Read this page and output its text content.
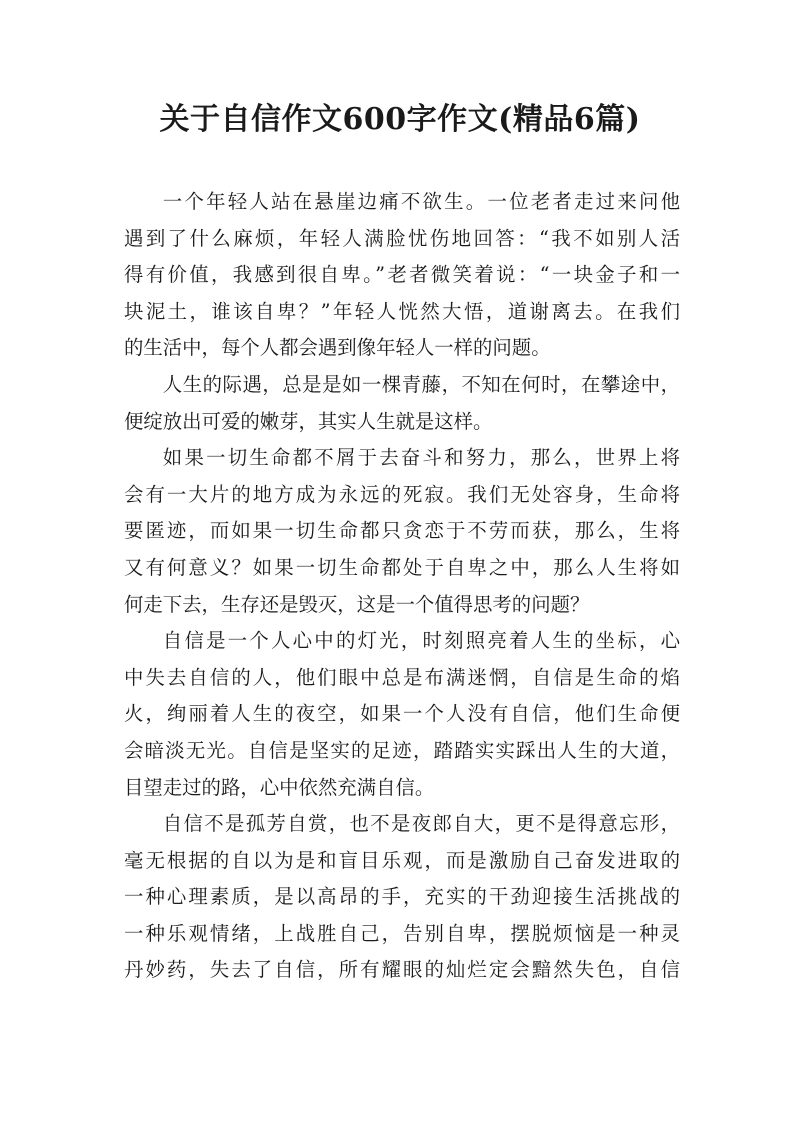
关于自信作文600字作文(精品6篇)
一个年轻人站在悬崖边痛不欲生。一位老者走过来问他
遇到了什么麻烦，年轻人满脸忧伤地回答：“我不如别人活
得有价值，我感到很自卑。”老者微笑着说：“一块金子和一
块泥土，谁该自卑？”年轻人恍然大悟，道谢离去。在我们
的生活中，每个人都会遇到像年轻人一样的问题。
人生的际遇，总是是如一棵青藤，不知在何时，在攀途中，
便绽放出可爱的嫩芽，其实人生就是这样。
如果一切生命都不屑于去奋斗和努力，那么，世界上将
会有一大片的地方成为永远的死寂。我们无处容身，生命将
要匿迹，而如果一切生命都只贪恋于不劳而获，那么，生将
又有何意义？如果一切生命都处于自卑之中，那么人生将如
何走下去，生存还是毁灭，这是一个值得思考的问题？
自信是一个人心中的灯光，时刻照亮着人生的坐标，心
中失去自信的人，他们眼中总是布满迷惘，自信是生命的焰
火，绚丽着人生的夜空，如果一个人没有自信，他们生命便
会暗淡无光。自信是坚实的足迹，踏踏实实踩出人生的大道，
目望走过的路，心中依然充满自信。
自信不是孤芳自赏，也不是夜郎自大，更不是得意忘形，
毫无根据的自以为是和盲目乐观，而是激励自己奋发进取的
一种心理素质，是以高昂的手，充实的干劲迎接生活挑战的
一种乐观情绪，上战胜自己，告别自卑，摆脱烦恼是一种灵
丹妙药，失去了自信，所有耀眼的灿烂定会黯然失色，自信
